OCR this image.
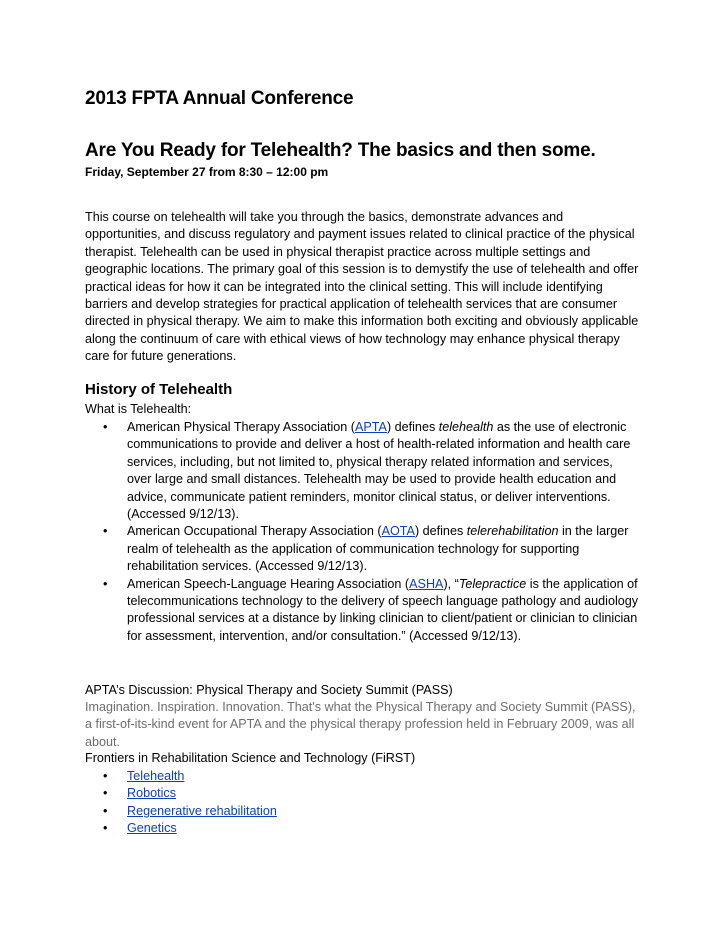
2013 FPTA Annual Conference
Are You Ready for Telehealth? The basics and then some.
Friday, September 27 from 8:30 – 12:00 pm
This course on telehealth will take you through the basics, demonstrate advances and opportunities, and discuss regulatory and payment issues related to clinical practice of the physical therapist. Telehealth can be used in physical therapist practice across multiple settings and geographic locations. The primary goal of this session is to demystify the use of telehealth and offer practical ideas for how it can be integrated into the clinical setting. This will include identifying barriers and develop strategies for practical application of telehealth services that are consumer directed in physical therapy. We aim to make this information both exciting and obviously applicable along the continuum of care with ethical views of how technology may enhance physical therapy care for future generations.
History of Telehealth
What is Telehealth:
• American Physical Therapy Association (APTA) defines telehealth as the use of electronic communications to provide and deliver a host of health-related information and health care services, including, but not limited to, physical therapy related information and services, over large and small distances. Telehealth may be used to provide health education and advice, communicate patient reminders, monitor clinical status, or deliver interventions. (Accessed 9/12/13).
• American Occupational Therapy Association (AOTA) defines telerehabilitation in the larger realm of telehealth as the application of communication technology for supporting rehabilitation services. (Accessed 9/12/13).
• American Speech-Language Hearing Association (ASHA), “Telepractice is the application of telecommunications technology to the delivery of speech language pathology and audiology professional services at a distance by linking clinician to client/patient or clinician to clinician for assessment, intervention, and/or consultation.” (Accessed 9/12/13).
APTA’s Discussion: Physical Therapy and Society Summit (PASS)
Imagination. Inspiration. Innovation. That's what the Physical Therapy and Society Summit (PASS), a first-of-its-kind event for APTA and the physical therapy profession held in February 2009, was all about.
Frontiers in Rehabilitation Science and Technology (FiRST)
• Telehealth
• Robotics
• Regenerative rehabilitation
• Genetics
